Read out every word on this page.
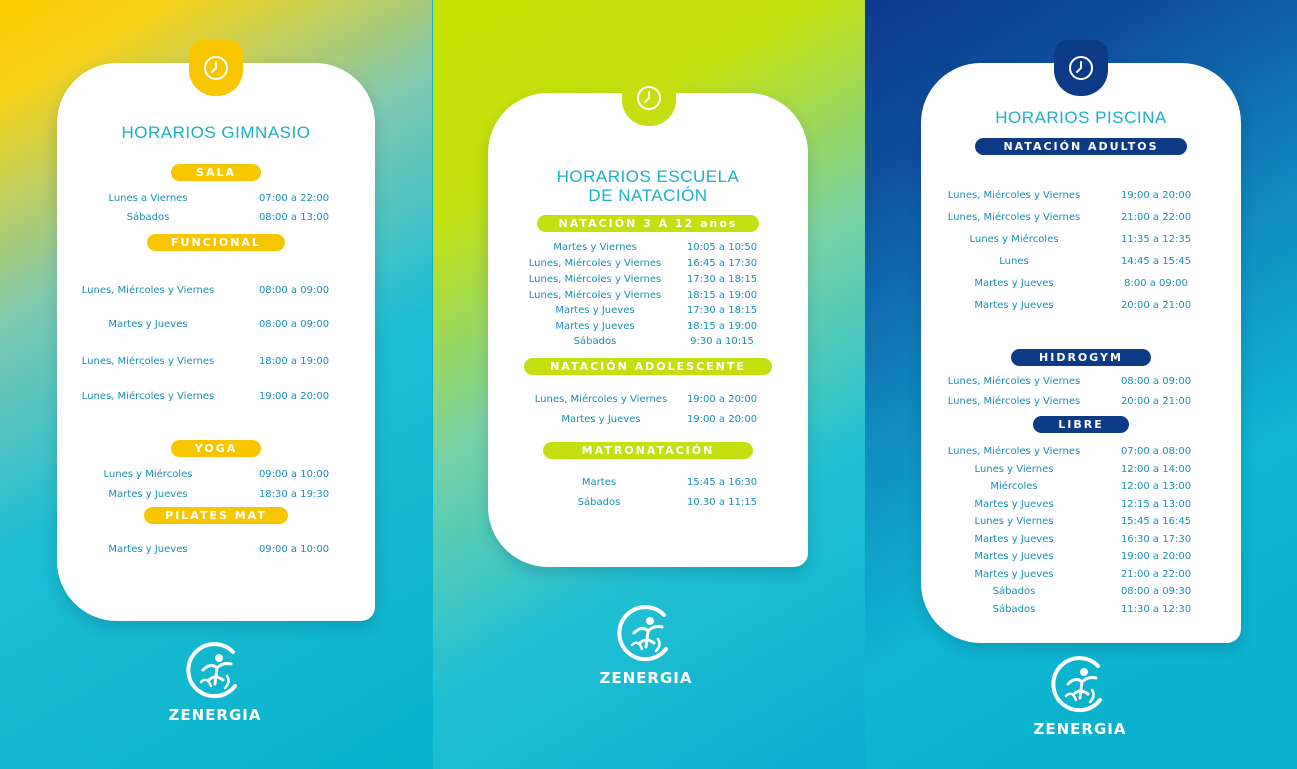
HORARIOS GIMNASIO
SALA
Lunes a Viernes	07:00 a 22:00
Sábados	08:00 a 13:00
FUNCIONAL
Lunes, Miércoles y Viernes	08:00 a 09:00
Martes y Jueves	08:00 a 09:00
Lunes, Miércoles y Viernes	18:00 a 19:00
Lunes, Miércoles y Viernes	19:00 a 20:00
YOGA
Lunes y Miércoles	09:00 a 10:00
Martes y Jueves	18:30 a 19:30
PILATES MAT
Martes y Jueves	09:00 a 10:00
ZENERGIA
HORARIOS ESCUELA
DE NATACIÓN
NATACIÓN 3 A 12 años
Martes y Viernes	10:05 a 10:50
Lunes, Miércoles y Viernes	16:45 a 17:30
Lunes, Miércoles y Viernes	17:30 a 18:15
Lunes, Miércoles y Viernes	18:15 a 19:00
Martes y Jueves	17:30 a 18:15
Martes y Jueves	18:15 a 19:00
Sábados	9:30 a 10:15
NATACIÓN ADOLESCENTE
Lunes, Miércoles y Viernes	19:00 a 20:00
Martes y Jueves	19:00 a 20:00
MATRONATACIÓN
Martes	15:45 a 16:30
Sábados	10.30 a 11:15
ZENERGIA
HORARIOS PISCINA
NATACIÓN ADULTOS
Lunes, Miércoles y Viernes	19:00 a 20:00
Lunes, Miércoles y Viernes	21:00 a 22:00
Lunes y Miércoles	11:35 a 12:35
Lunes	14:45 a 15:45
Martes y Jueves	8:00 a 09:00
Martes y Jueves	20:00 a 21:00
HIDROGYM
Lunes, Miércoles y Viernes	08:00 a 09:00
Lunes, Miércoles y Viernes	20:00 a 21:00
LIBRE
Lunes, Miércoles y Viernes	07:00 a 08:00
Lunes y Viernes	12:00 a 14:00
Miércoles	12:00 a 13:00
Martes y Jueves	12:15 a 13:00
Lunes y Viernes	15:45 a 16:45
Martes y Jueves	16:30 a 17:30
Martes y Jueves	19:00 a 20:00
Martes y Jueves	21:00 a 22:00
Sábados	08:00 a 09:30
Sábados	11:30 a 12:30
ZENERGIA
